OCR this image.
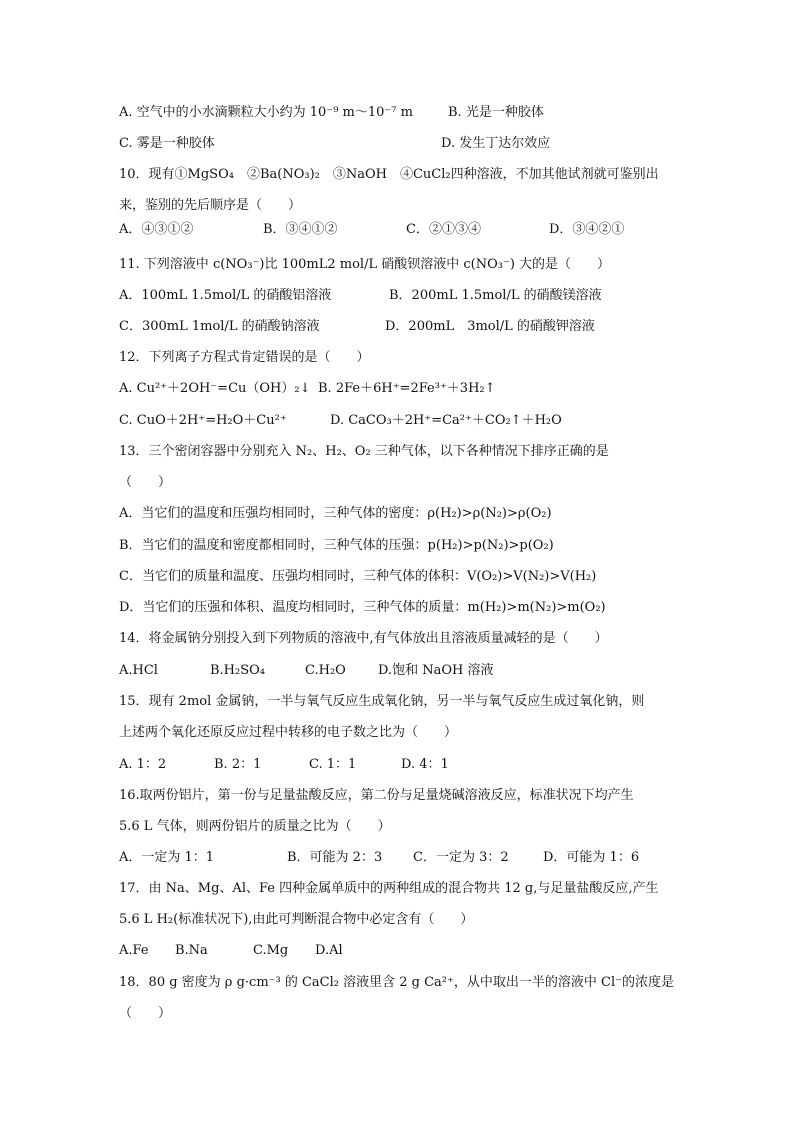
A. 空气中的小水滴颗粒大小约为 10⁻⁹ m～10⁻⁷ m	B. 光是一种胶体
C. 雾是一种胶体	D. 发生丁达尔效应
10．现有①MgSO₄　②Ba(NO₃)₂　③NaOH　④CuCl₂四种溶液，不加其他试剂就可鉴别出
来，鉴别的先后顺序是（　　）
A．④③①②	B．③④①②	C．②①③④	D．③④②①
11. 下列溶液中 c(NO₃⁻)比 100mL2 mol/L 硝酸钡溶液中 c(NO₃⁻) 大的是（　　）
A．100mL 1.5mol/L 的硝酸铝溶液	B．200mL 1.5mol/L 的硝酸镁溶液
C．300mL 1mol/L 的硝酸钠溶液	D．200mL　3mol/L 的硝酸钾溶液
12．下列离子方程式肯定错误的是（　　）
A. Cu²⁺＋2OH⁻=Cu（OH）₂↓ B. 2Fe＋6H⁺=2Fe³⁺＋3H₂↑
C. CuO＋2H⁺=H₂O＋Cu²⁺	D. CaCO₃＋2H⁺=Ca²⁺＋CO₂↑＋H₂O
13．三个密闭容器中分别充入 N₂、H₂、O₂ 三种气体，以下各种情况下排序正确的是
（　　）
A．当它们的温度和压强均相同时，三种气体的密度：ρ(H₂)>ρ(N₂)>ρ(O₂)
B．当它们的温度和密度都相同时，三种气体的压强：p(H₂)>p(N₂)>p(O₂)
C．当它们的质量和温度、压强均相同时，三种气体的体积：V(O₂)>V(N₂)>V(H₂)
D．当它们的压强和体积、温度均相同时，三种气体的质量：m(H₂)>m(N₂)>m(O₂)
14．将金属钠分别投入到下列物质的溶液中,有气体放出且溶液质量减轻的是（　　）
A.HCl	B.H₂SO₄	C.H₂O D.饱和 NaOH 溶液
15．现有 2mol 金属钠，一半与氧气反应生成氧化钠，另一半与氧气反应生成过氧化钠，则
上述两个氧化还原反应过程中转移的电子数之比为（　　）
A. 1：2	B. 2：1	C. 1：1	D. 4：1
16.取两份铝片，第一份与足量盐酸反应，第二份与足量烧碱溶液反应，标准状况下均产生
5.6 L 气体，则两份铝片的质量之比为（　　）
A．一定为 1：1	B．可能为 2：3 C．一定为 3：2	D．可能为 1：6
17．由 Na、Mg、Al、Fe 四种金属单质中的两种组成的混合物共 12 g,与足量盐酸反应,产生
5.6 L H₂(标准状况下),由此可判断混合物中必定含有（　　）
A.Fe B.Na	C.Mg D.Al
18．80 g 密度为 ρ g·cm⁻³ 的 CaCl₂ 溶液里含 2 g Ca²⁺，从中取出一半的溶液中 Cl⁻的浓度是
（　　）
